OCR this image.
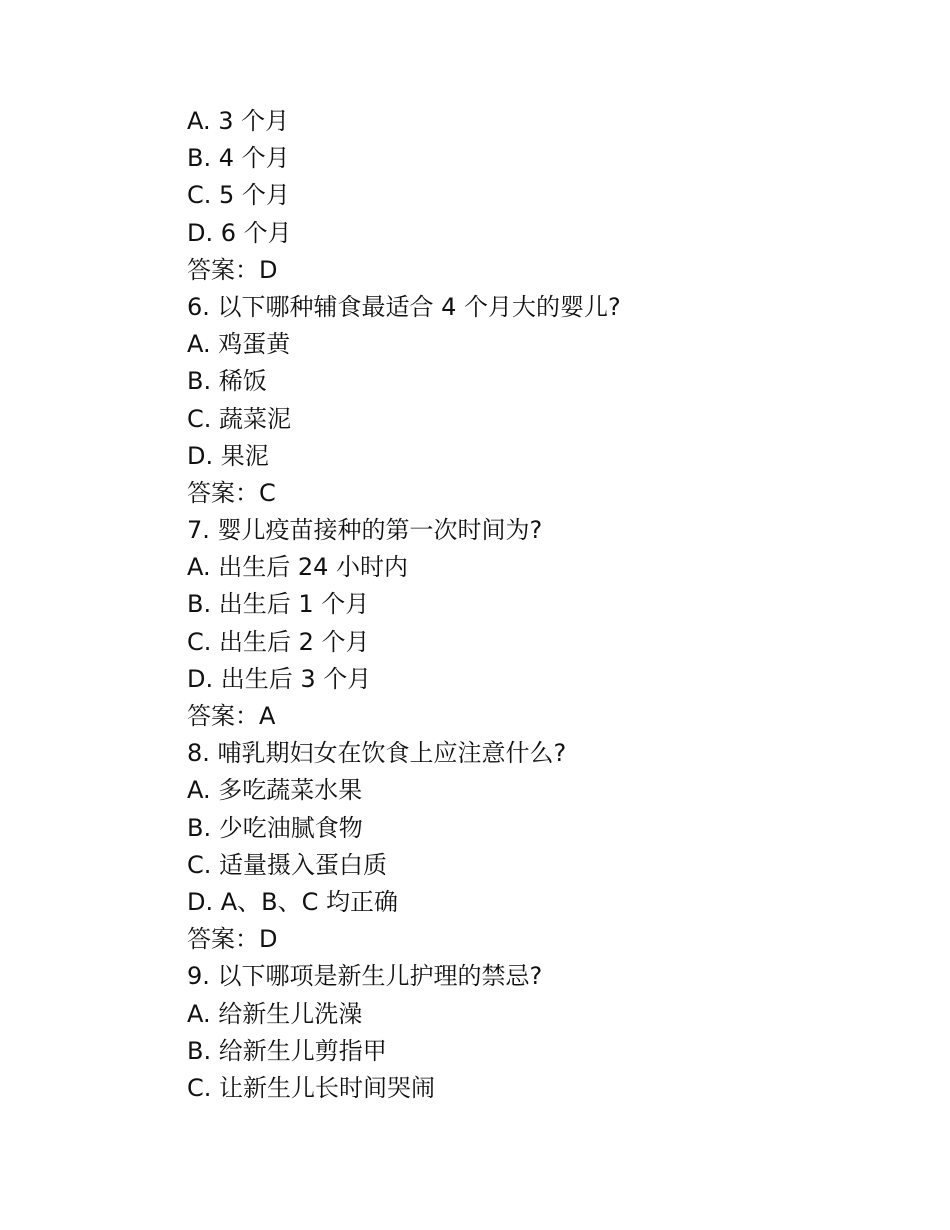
A. 3 个月
B. 4 个月
C. 5 个月
D. 6 个月
答案：D
6. 以下哪种辅食最适合 4 个月大的婴儿?
A. 鸡蛋黄
B. 稀饭
C. 蔬菜泥
D. 果泥
答案：C
7. 婴儿疫苗接种的第一次时间为?
A. 出生后 24 小时内
B. 出生后 1 个月
C. 出生后 2 个月
D. 出生后 3 个月
答案：A
8. 哺乳期妇女在饮食上应注意什么?
A. 多吃蔬菜水果
B. 少吃油腻食物
C. 适量摄入蛋白质
D. A、B、C 均正确
答案：D
9. 以下哪项是新生儿护理的禁忌?
A. 给新生儿洗澡
B. 给新生儿剪指甲
C. 让新生儿长时间哭闹
